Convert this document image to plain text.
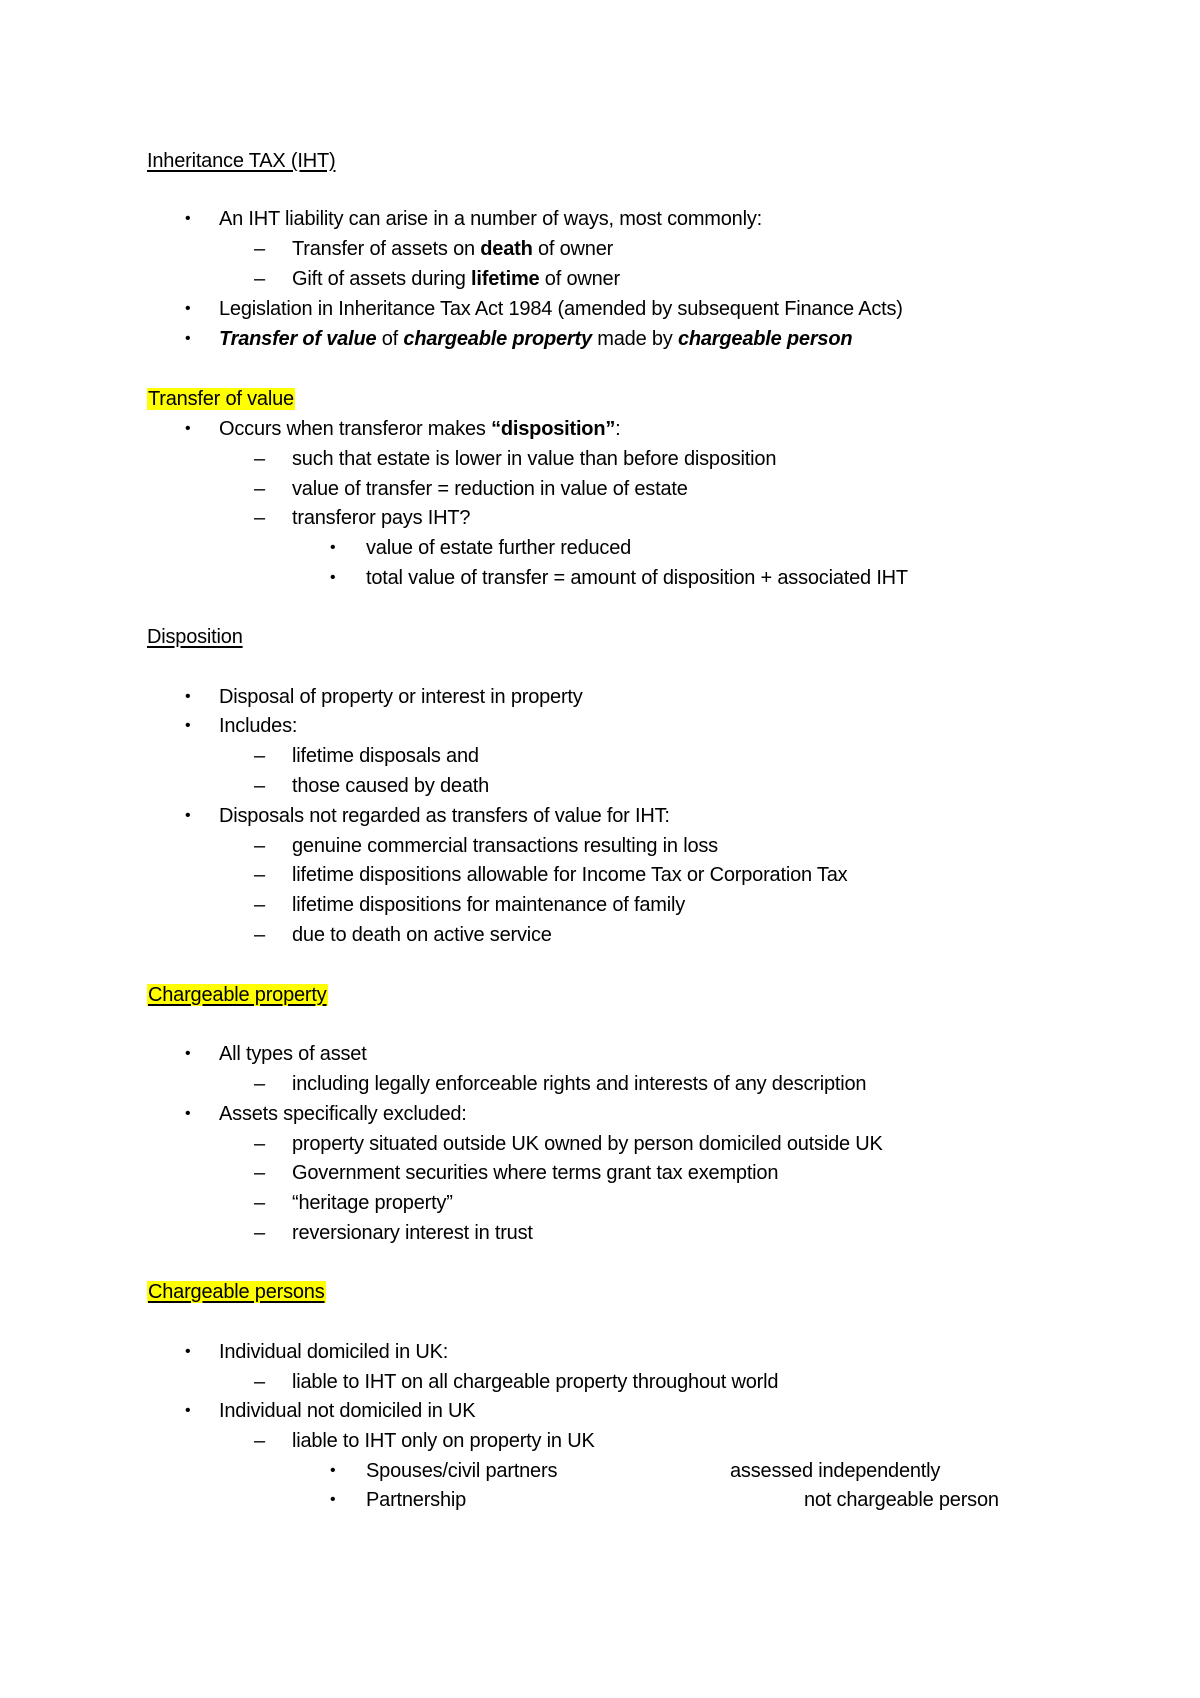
Inheritance TAX (IHT)
• An IHT liability can arise in a number of ways, most commonly:
– Transfer of assets on death of owner
– Gift of assets during lifetime of owner
• Legislation in Inheritance Tax Act 1984 (amended by subsequent Finance Acts)
• Transfer of value of chargeable property made by chargeable person
Transfer of value
• Occurs when transferor makes “disposition”:
– such that estate is lower in value than before disposition
– value of transfer = reduction in value of estate
– transferor pays IHT?
• value of estate further reduced
• total value of transfer = amount of disposition + associated IHT
Disposition
• Disposal of property or interest in property
• Includes:
– lifetime disposals and
– those caused by death
• Disposals not regarded as transfers of value for IHT:
– genuine commercial transactions resulting in loss
– lifetime dispositions allowable for Income Tax or Corporation Tax
– lifetime dispositions for maintenance of family
– due to death on active service
Chargeable property
• All types of asset
– including legally enforceable rights and interests of any description
• Assets specifically excluded:
– property situated outside UK owned by person domiciled outside UK
– Government securities where terms grant tax exemption
– “heritage property”
– reversionary interest in trust
Chargeable persons
• Individual domiciled in UK:
– liable to IHT on all chargeable property throughout world
• Individual not domiciled in UK
– liable to IHT only on property in UK
• Spouses/civil partners	assessed independently
• Partnership	not chargeable person
